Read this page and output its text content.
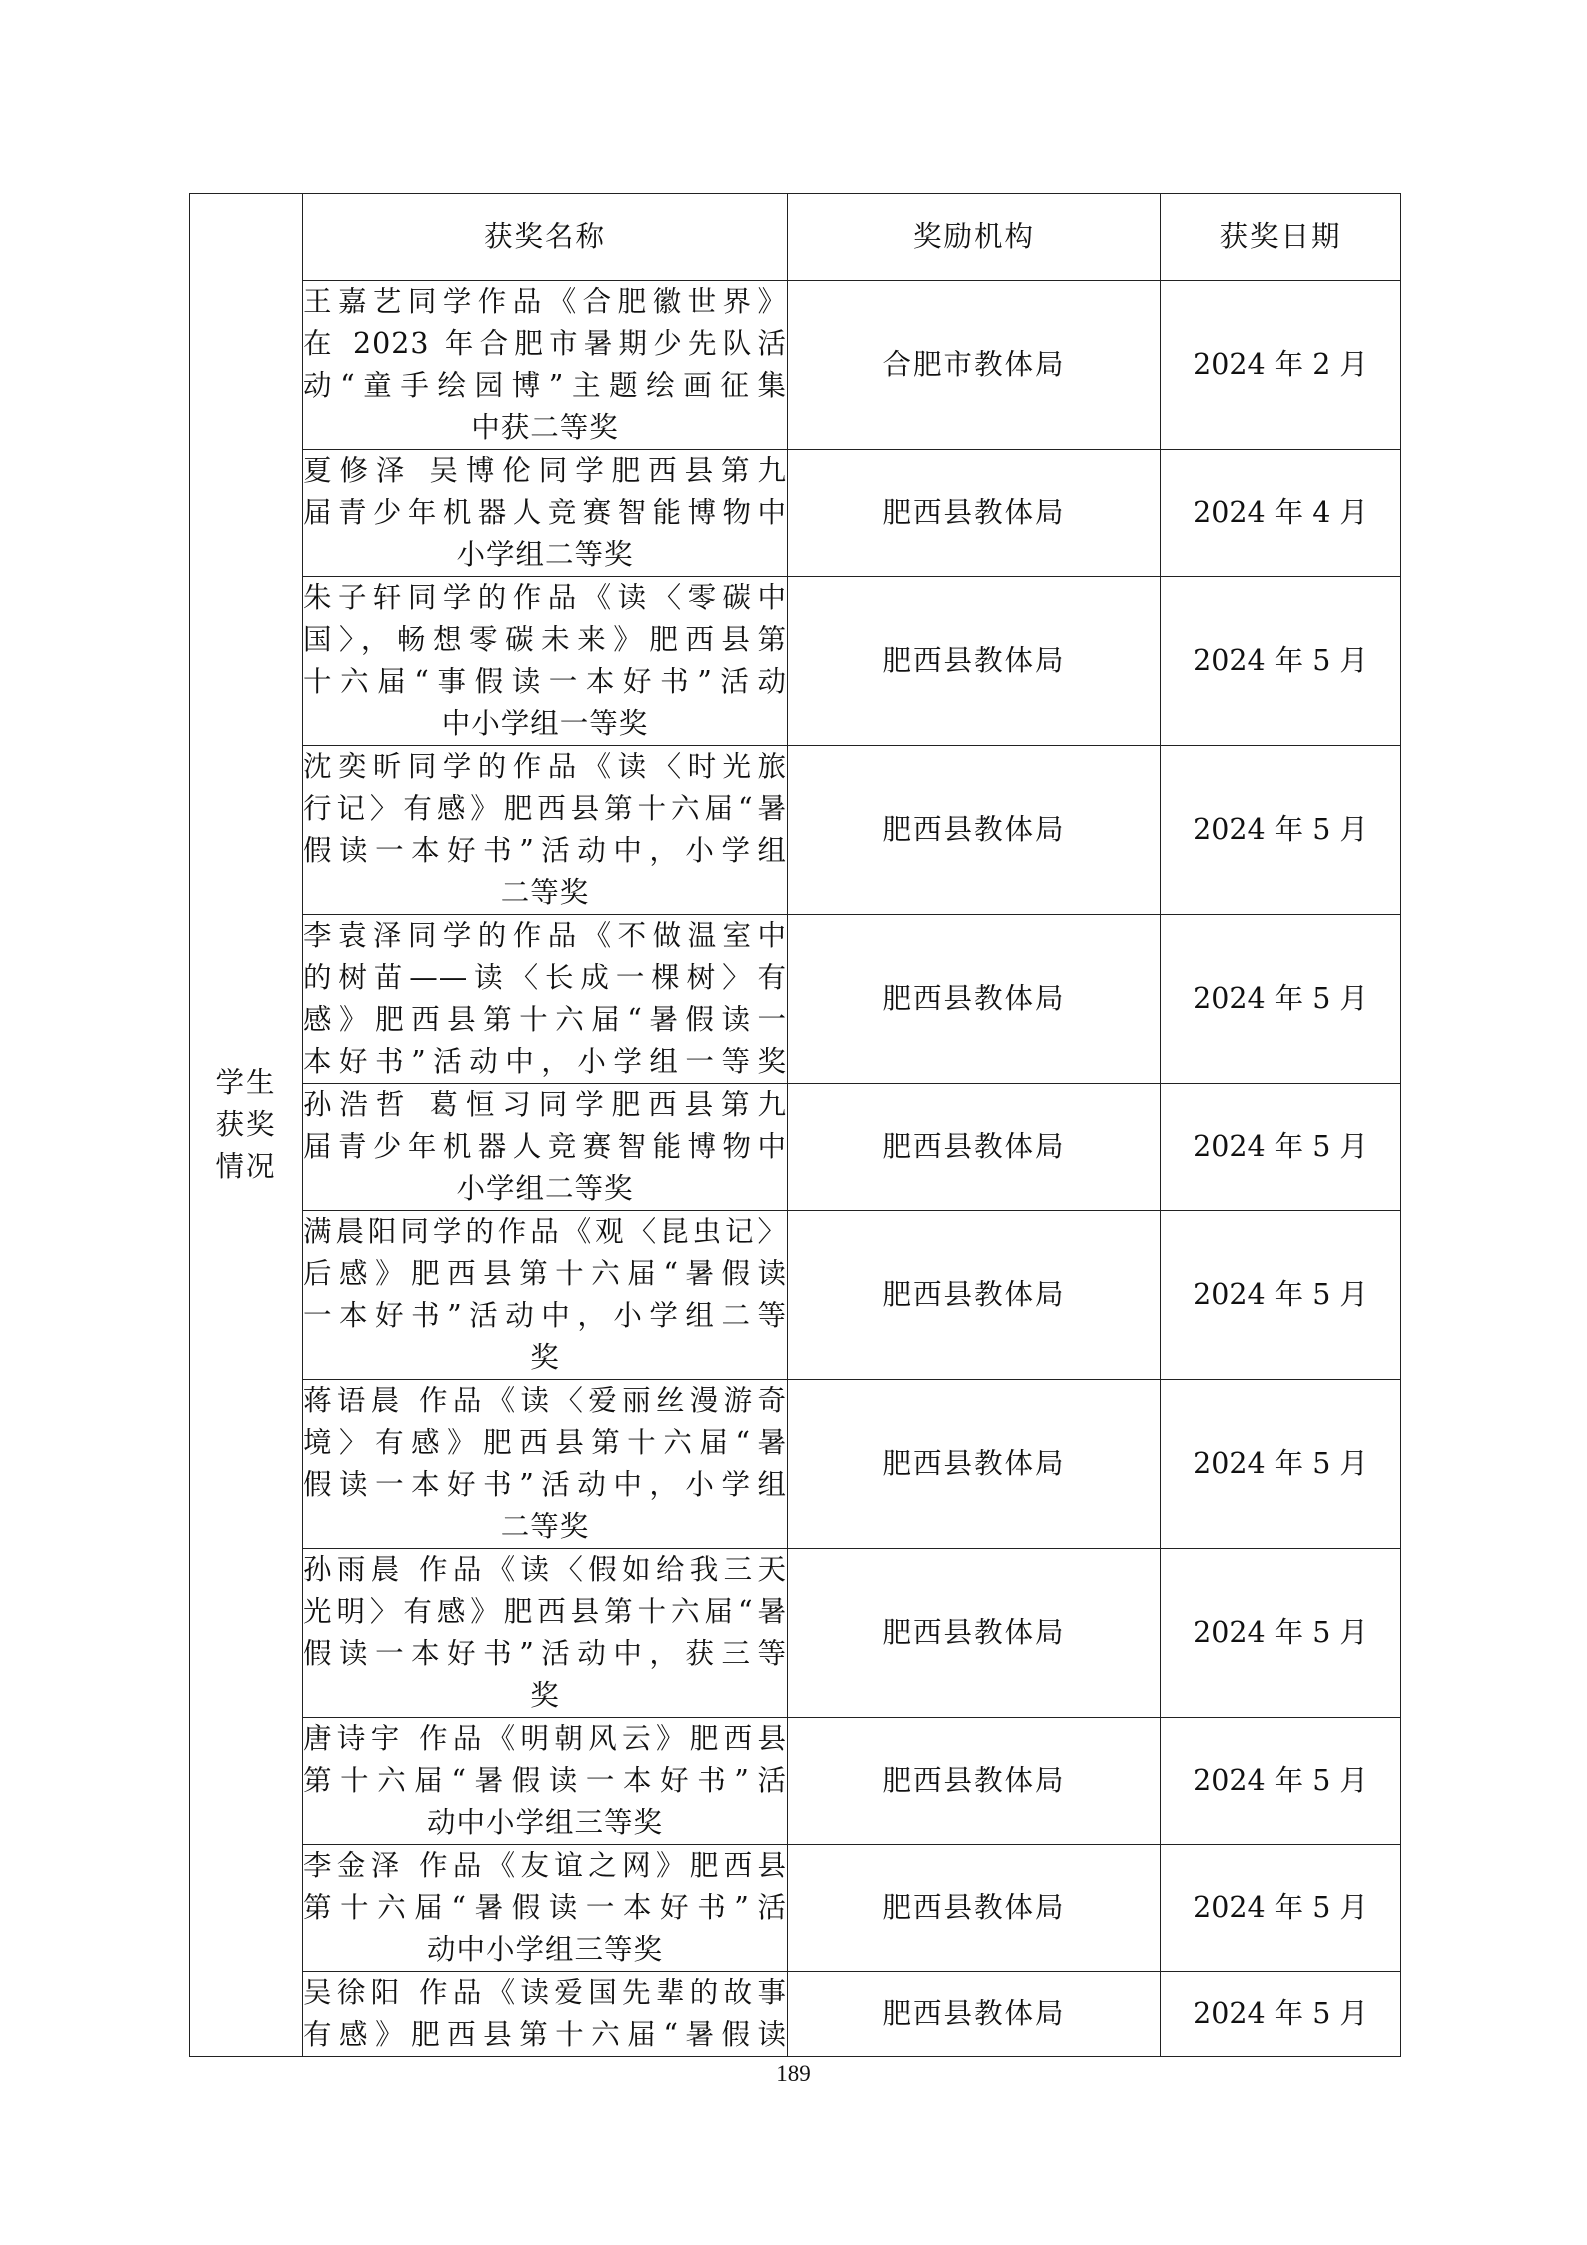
学生
获奖
情况	获奖名称	奖励机构	获奖日期

	王嘉艺同学作品《合肥徽世界》
在 2023 年合肥市暑期少先队活
动“童手绘园博”主题绘画征集
中获二等奖	合肥市教体局	2024 年 2 月

	夏修泽 吴博伦同学肥西县第九
届青少年机器人竞赛智能博物中
小学组二等奖	肥西县教体局	2024 年 4 月

	朱子轩同学的作品《读〈零碳中
国〉，畅想零碳未来》肥西县第
十六届“事假读一本好书”活动
中小学组一等奖	肥西县教体局	2024 年 5 月

	沈奕昕同学的作品《读〈时光旅
行记〉有感》肥西县第十六届“暑
假读一本好书”活动中，小学组
二等奖	肥西县教体局	2024 年 5 月

	李袁泽同学的作品《不做温室中
的树苗——读〈长成一棵树〉有
感》肥西县第十六届“暑假读一
本好书”活动中，小学组一等奖	肥西县教体局	2024 年 5 月

	孙浩哲 葛恒习同学肥西县第九
届青少年机器人竞赛智能博物中
小学组二等奖	肥西县教体局	2024 年 5 月

	满晨阳同学的作品《观〈昆虫记〉
后感》肥西县第十六届“暑假读
一本好书”活动中，小学组二等
奖	肥西县教体局	2024 年 5 月

	蒋语晨 作品《读〈爱丽丝漫游奇
境〉有感》肥西县第十六届“暑
假读一本好书”活动中，小学组
二等奖	肥西县教体局	2024 年 5 月

	孙雨晨 作品《读〈假如给我三天
光明〉有感》肥西县第十六届“暑
假读一本好书”活动中，获三等
奖	肥西县教体局	2024 年 5 月

	唐诗宇 作品《明朝风云》肥西县
第十六届“暑假读一本好书”活
动中小学组三等奖	肥西县教体局	2024 年 5 月

	李金泽 作品《友谊之网》肥西县
第十六届“暑假读一本好书”活
动中小学组三等奖	肥西县教体局	2024 年 5 月

	吴徐阳 作品《读爱国先辈的故事
有感》肥西县第十六届“暑假读	肥西县教体局	2024 年 5 月
189
